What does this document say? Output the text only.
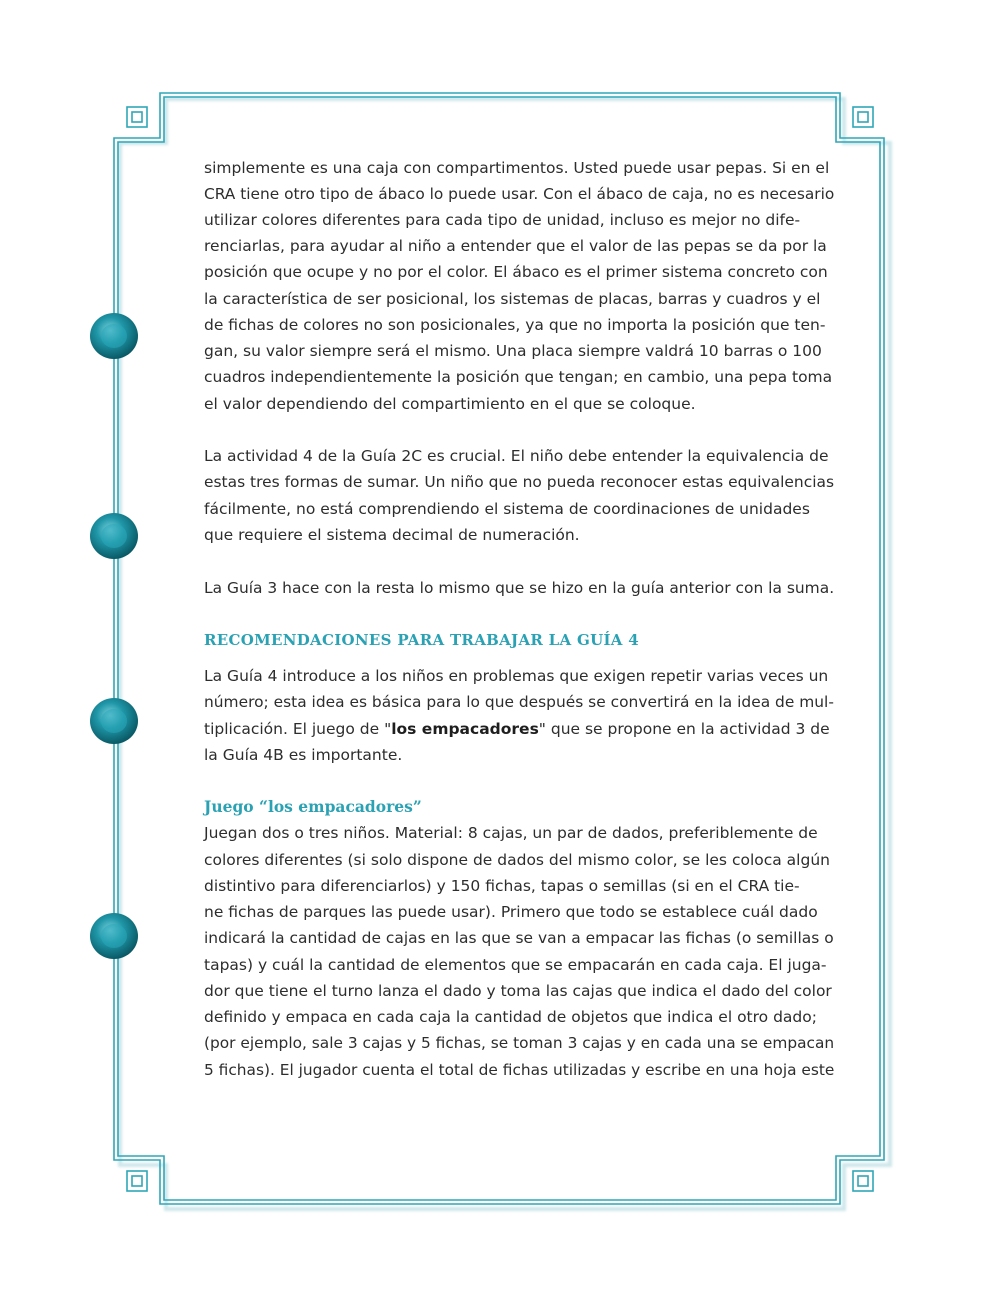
simplemente es una caja con compartimentos. Usted puede usar pepas. Si en el
CRA tiene otro tipo de ábaco lo puede usar. Con el ábaco de caja, no es necesario
utilizar colores diferentes para cada tipo de unidad, incluso es mejor no dife-
renciarlas, para ayudar al niño a entender que el valor de las pepas se da por la
posición que ocupe y no por el color. El ábaco es el primer sistema concreto con
la característica de ser posicional, los sistemas de placas, barras y cuadros y el
de fichas de colores no son posicionales, ya que no importa la posición que ten-
gan, su valor siempre será el mismo. Una placa siempre valdrá 10 barras o 100
cuadros independientemente la posición que tengan; en cambio, una pepa toma
el valor dependiendo del compartimiento en el que se coloque.
La actividad 4 de la Guía 2C es crucial. El niño debe entender la equivalencia de
estas tres formas de sumar. Un niño que no pueda reconocer estas equivalencias
fácilmente, no está comprendiendo el sistema de coordinaciones de unidades
que requiere el sistema decimal de numeración.
La Guía 3 hace con la resta lo mismo que se hizo en la guía anterior con la suma.
RECOMENDACIONES PARA TRABAJAR LA GUÍA 4
La Guía 4 introduce a los niños en problemas que exigen repetir varias veces un
número; esta idea es básica para lo que después se convertirá en la idea de mul-
tiplicación. El juego de "los empacadores" que se propone en la actividad 3 de
la Guía 4B es importante.
Juego “los empacadores”
Juegan dos o tres niños. Material: 8 cajas, un par de dados, preferiblemente de
colores diferentes (si solo dispone de dados del mismo color, se les coloca algún
distintivo para diferenciarlos) y 150 fichas, tapas o semillas (si en el CRA tie-
ne fichas de parques las puede usar). Primero que todo se establece cuál dado
indicará la cantidad de cajas en las que se van a empacar las fichas (o semillas o
tapas) y cuál la cantidad de elementos que se empacarán en cada caja. El juga-
dor que tiene el turno lanza el dado y toma las cajas que indica el dado del color
definido y empaca en cada caja la cantidad de objetos que indica el otro dado;
(por ejemplo, sale 3 cajas y 5 fichas, se toman 3 cajas y en cada una se empacan
5 fichas). El jugador cuenta el total de fichas utilizadas y escribe en una hoja este
